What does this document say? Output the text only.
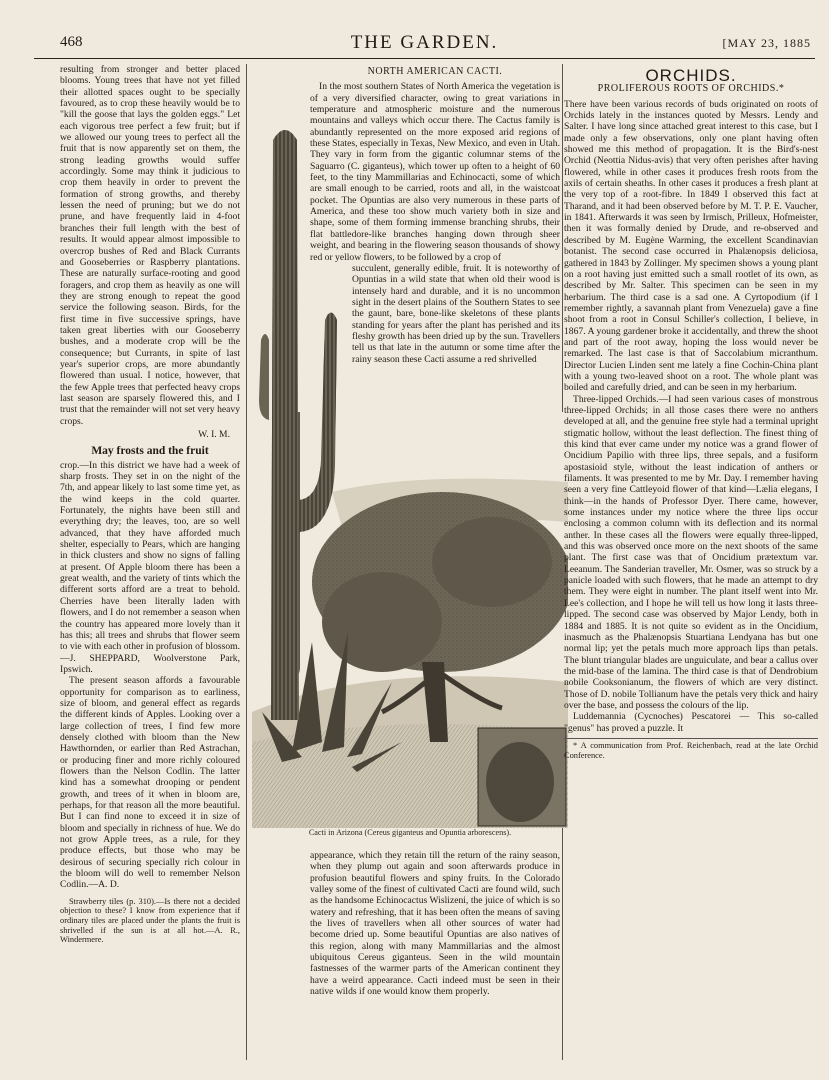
468	THE GARDEN.	[MAY 23, 1885

resulting from stronger and better placed blooms. Young trees that have not yet filled their allotted spaces ought to be specially favoured, as to crop these heavily would be to "kill the goose that lays the golden eggs." Let each vigorous tree perfect a few fruit; but if we allowed our young trees to perfect all the fruit that is now apparently set on them, the strong leading growths would suffer accordingly. Some may think it judicious to crop them heavily in order to prevent the formation of strong growths, and thereby lessen the need of pruning; but we do not prune, and have frequently laid in 4-foot branches their full length with the best of results. It would appear almost impossible to overcrop bushes of Red and Black Currants and Gooseberries or Raspberry plantations. These are naturally surface-rooting and good foragers, and crop them as heavily as one will they are strong enough to repeat the good service the following season. Birds, for the first time in five successive springs, have taken great liberties with our Gooseberry bushes, and a moderate crop will be the consequence; but Currants, in spite of last year's superior crops, are more abundantly flowered than usual. I notice, however, that the few Apple trees that perfected heavy crops last season are sparsely flowered this, and I trust that the remainder will not set very heavy crops.

W. I. M.
May frosts and the fruit

crop.—In this district we have had a week of sharp frosts. They set in on the night of the 7th, and appear likely to last some time yet, as the wind keeps in the cold quarter. Fortunately, the nights have been still and everything dry; the leaves, too, are so well advanced, that they have afforded much shelter, especially to Pears, which are hanging in thick clusters and show no signs of falling at present. Of Apple bloom there has been a great wealth, and the variety of tints which the different sorts afford are a treat to behold. Cherries have been literally laden with flowers, and I do not remember a season when the country has appeared more lovely than it has this; all trees and shrubs that flower seem to vie with each other in profusion of blossom.—J. SHEPPARD, Woolverstone Park, Ipswich.

The present season affords a favourable opportunity for comparison as to earliness, size of bloom, and general effect as regards the different kinds of Apples. Looking over a large collection of trees, I find few more densely clothed with bloom than the New Hawthornden, or earlier than Red Astrachan, or producing finer and more richly coloured flowers than the Nelson Codlin. The latter kind has a somewhat drooping or pendent growth, and trees of it when in bloom are, perhaps, for that reason all the more beautiful. But I can find none to exceed it in size of bloom and specially in richness of hue. We do not grow Apple trees, as a rule, for they produce effects, but those who may be desirous of securing specially rich colour in the bloom will do well to remember Nelson Codlin.—A. D.

Strawberry tiles (p. 310).—Is there not a decided objection to these? I know from experience that if ordinary tiles are placed under the plants the fruit is shrivelled if the sun is at all hot.—A. R., Windermere.

NORTH AMERICAN CACTI.

In the most southern States of North America the vegetation is of a very diversified character, owing to great variations in temperature and atmospheric moisture and the numerous mountains and valleys which occur there. The Cactus family is abundantly represented on the more exposed arid regions of these States, especially in Texas, New Mexico, and even in Utah. They vary in form from the gigantic columnar stems of the Saguarro (C. giganteus), which tower up often to a height of 60 feet, to the tiny Mammillarias and Echinocacti, some of which are small enough to be carried, roots and all, in the waistcoat pocket. The Opuntias are also very numerous in these parts of America, and these too show much variety both in size and shape, some of them forming immense branching shrubs, their flat battledore-like branches hanging down through sheer weight, and bearing in the flowering season thousands of showy red or yellow flowers, to be followed by a crop of

succulent, generally edible, fruit. It is noteworthy of Opuntias in a wild state that when old their wood is intensely hard and durable, and it is no uncommon sight in the desert plains of the Southern States to see the gaunt, bare, bone-like skeletons of these plants standing for years after the plant has perished and its fleshy growth has been dried up by the sun. Travellers tell us that late in the autumn or some time after the rainy season these Cacti assume a red shrivelled

appearance, which they retain till the return of the rainy season, when they plump out again and soon afterwards produce in profusion beautiful flowers and spiny fruits. In the Colorado valley some of the finest of cultivated Cacti are found wild, such as the handsome Echinocactus Wislizeni, the juice of which is so watery and refreshing, that it has been often the means of saving the lives of travellers when all other sources of water had become dried up. Some beautiful Opuntias are also natives of this region, along with many Mammillarias and the almost ubiquitous Cereus giganteus. Seen in the wild mountain fastnesses of the warmer parts of the American continent they have a weird appearance. Cacti indeed must be seen in their native wilds if one would know them properly.

Cacti in Arizona (Cereus giganteus and Opuntia arborescens).
ORCHIDS.
PROLIFEROUS ROOTS OF ORCHIDS.*

There have been various records of buds originated on roots of Orchids lately in the instances quoted by Messrs. Lendy and Salter. I have long since attached great interest to this case, but I made only a few observations, only one plant having often showed me this method of propagation. It is the Bird's-nest Orchid (Neottia Nidus-avis) that very often perishes after having flowered, while in other cases it produces fresh roots from the axils of certain sheaths. In other cases it produces a fresh plant at the very top of a root-fibre. In 1849 I observed this fact at Tharand, and it had been observed before by M. T. P. E. Vaucher, in 1841. Afterwards it was seen by Irmisch, Prilleux, Hofmeister, then it was formally denied by Drude, and re-observed and described by M. Eugène Warming, the excellent Scandinavian botanist. The second case occurred in Phalænopsis deliciosa, gathered in 1843 by Zollinger. My specimen shows a young plant on a root having just emitted such a small rootlet of its own, as described by Mr. Salter. This specimen can be seen in my herbarium. The third case is a sad one. A Cyrtopodium (if I remember rightly, a savannah plant from Venezuela) gave a fine shoot from a root in Consul Schiller's collection, I believe, in 1867. A young gardener broke it accidentally, and threw the shoot and part of the root away, hoping the loss would never be remarked. The last case is that of Saccolabium micranthum. Director Lucien Linden sent me lately a fine Cochin-China plant with a young two-leaved shoot on a root. The whole plant was boiled and carefully dried, and can be seen in my herbarium.

Three-lipped Orchids.—I had seen various cases of monstrous three-lipped Orchids; in all those cases there were no anthers developed at all, and the genuine free style had a terminal upright stigmatic hollow, without the least deflection. The finest thing of this kind that ever came under my notice was a grand flower of Oncidium Papilio with three lips, three sepals, and a fusiform apostasioid style, without the least indication of anthers or filaments. It was presented to me by Mr. Day. I remember having seen a very fine Cattleyoid flower of that kind—Lælia elegans, I think—in the hands of Professor Dyer. There came, however, some instances under my notice where the three lips occur enclosing a common column with its deflection and its normal anther. In these cases all the flowers were equally three-lipped, and this was observed once more on the next shoots of the same plant. The first case was that of Oncidium prætextum var. Leeanum. The Sanderian traveller, Mr. Osmer, was so struck by a panicle loaded with such flowers, that he made an attempt to dry them. They were eight in number. The plant itself went into Mr. Lee's collection, and I hope he will tell us how long it lasts three-lipped. The second case was observed by Major Lendy, both in 1884 and 1885. It is not quite so evident as in the Oncidium, inasmuch as the Phalænopsis Stuartiana Lendyana has but one normal lip; yet the petals much more approach lips than petals. The blunt triangular blades are unguiculate, and bear a callus over the mid-base of the lamina. The third case is that of Dendrobium nobile Cooksonianum, the flowers of which are very distinct. Those of D. nobile Tollianum have the petals very thick and hairy over the base, and possess the colours of the lip.

Luddemannia (Cycnoches) Pescatorei — This so-called "genus" has proved a puzzle. It

* A communication from Prof. Reichenbach, read at the late Orchid Conference.
